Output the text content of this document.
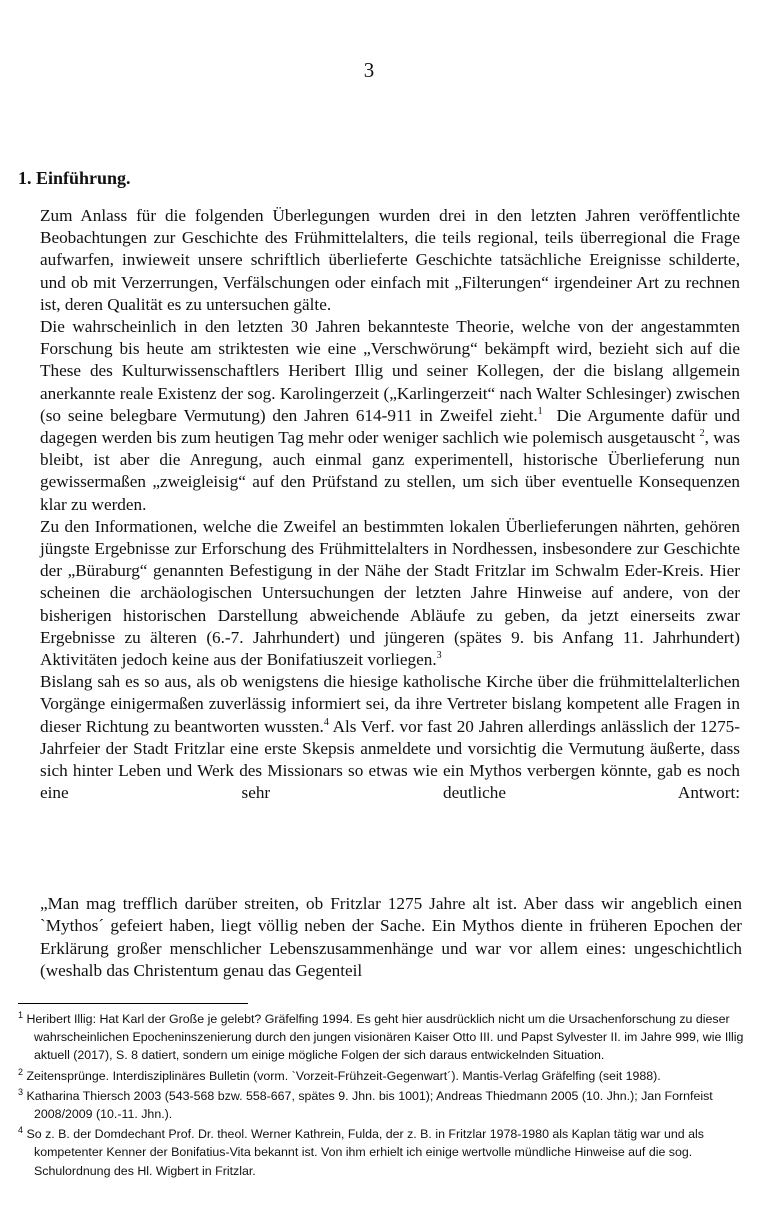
3
1. Einführung.

Zum Anlass für die folgenden Überlegungen wurden drei in den letzten Jahren veröffentlichte Beobachtungen zur Geschichte des Frühmittelalters, die teils regional, teils überregional die Frage aufwarfen, inwieweit unsere schriftlich überlieferte Geschichte tatsächliche Ereignisse schilderte, und ob mit Verzerrungen, Verfälschungen oder einfach mit „Filterungen“ irgendeiner Art zu rechnen ist, deren Qualität es zu untersuchen gälte.

Die wahrscheinlich in den letzten 30 Jahren bekannteste Theorie, welche von der angestammten Forschung bis heute am striktesten wie eine „Verschwörung“ bekämpft wird, bezieht sich auf die These des Kulturwissenschaftlers Heribert Illig und seiner Kollegen, der die bislang allgemein anerkannte reale Existenz der sog. Karolingerzeit („Karlingerzeit“ nach Walter Schlesinger) zwischen (so seine belegbare Vermutung) den Jahren 614-911 in Zweifel zieht.$^1$ Die Argumente dafür und dagegen werden bis zum heutigen Tag mehr oder weniger sachlich wie polemisch ausgetauscht $^2$, was bleibt, ist aber die Anregung, auch einmal ganz experimentell, historische Überlieferung nun gewissermaßen „zweigleisig“ auf den Prüfstand zu stellen, um sich über eventuelle Konsequenzen klar zu werden.

Zu den Informationen, welche die Zweifel an bestimmten lokalen Überlieferungen nährten, gehören jüngste Ergebnisse zur Erforschung des Frühmittelalters in Nordhessen, insbesondere zur Geschichte der „Büraburg“ genannten Befestigung in der Nähe der Stadt Fritzlar im Schwalm Eder-Kreis. Hier scheinen die archäologischen Untersuchungen der letzten Jahre Hinweise auf andere, von der bisherigen historischen Darstellung abweichende Abläufe zu geben, da jetzt einerseits zwar Ergebnisse zu älteren (6.-7. Jahrhundert) und jüngeren (spätes 9. bis Anfang 11. Jahrhundert) Aktivitäten jedoch keine aus der Bonifatiuszeit vorliegen.$^3$

Bislang sah es so aus, als ob wenigstens die hiesige katholische Kirche über die frühmittelalterlichen Vorgänge einigermaßen zuverlässig informiert sei, da ihre Vertreter bislang kompetent alle Fragen in dieser Richtung zu beantworten wussten.$^4$ Als Verf. vor fast 20 Jahren allerdings anlässlich der 1275-Jahrfeier der Stadt Fritzlar eine erste Skepsis anmeldete und vorsichtig die Vermutung äußerte, dass sich hinter Leben und Werk des Missionars so etwas wie ein Mythos verbergen könnte, gab es noch eine sehr deutliche Antwort:

„Man mag trefflich darüber streiten, ob Fritzlar 1275 Jahre alt ist. Aber dass wir angeblich einen `Mythos´ gefeiert haben, liegt völlig neben der Sache. Ein Mythos diente in früheren Epochen der Erklärung großer menschlicher Lebenszusammenhänge und war vor allem eines: ungeschichtlich (weshalb das Christentum genau das Gegenteil

$^1$ Heribert Illig: Hat Karl der Große je gelebt? Gräfelfing 1994. Es geht hier ausdrücklich nicht um die Ursachenforschung zu dieser wahrscheinlichen Epocheninszenierung durch den jungen visionären Kaiser Otto III. und Papst Sylvester II. im Jahre 999, wie Illig aktuell (2017), S. 8 datiert, sondern um einige mögliche Folgen der sich daraus entwickelnden Situation.

$^2$ Zeitensprünge. Interdisziplinäres Bulletin (vorm. `Vorzeit-Frühzeit-Gegenwart´). Mantis-Verlag Gräfelfing (seit 1988).

$^3$ Katharina Thiersch 2003 (543-568 bzw. 558-667, spätes 9. Jhn. bis 1001); Andreas Thiedmann 2005 (10. Jhn.); Jan Fornfeist 2008/2009 (10.-11. Jhn.).

$^4$ So z. B. der Domdechant Prof. Dr. theol. Werner Kathrein, Fulda, der z. B. in Fritzlar 1978-1980 als Kaplan tätig war und als kompetenter Kenner der Bonifatius-Vita bekannt ist. Von ihm erhielt ich einige wertvolle mündliche Hinweise auf die sog. Schulordnung des Hl. Wigbert in Fritzlar.
